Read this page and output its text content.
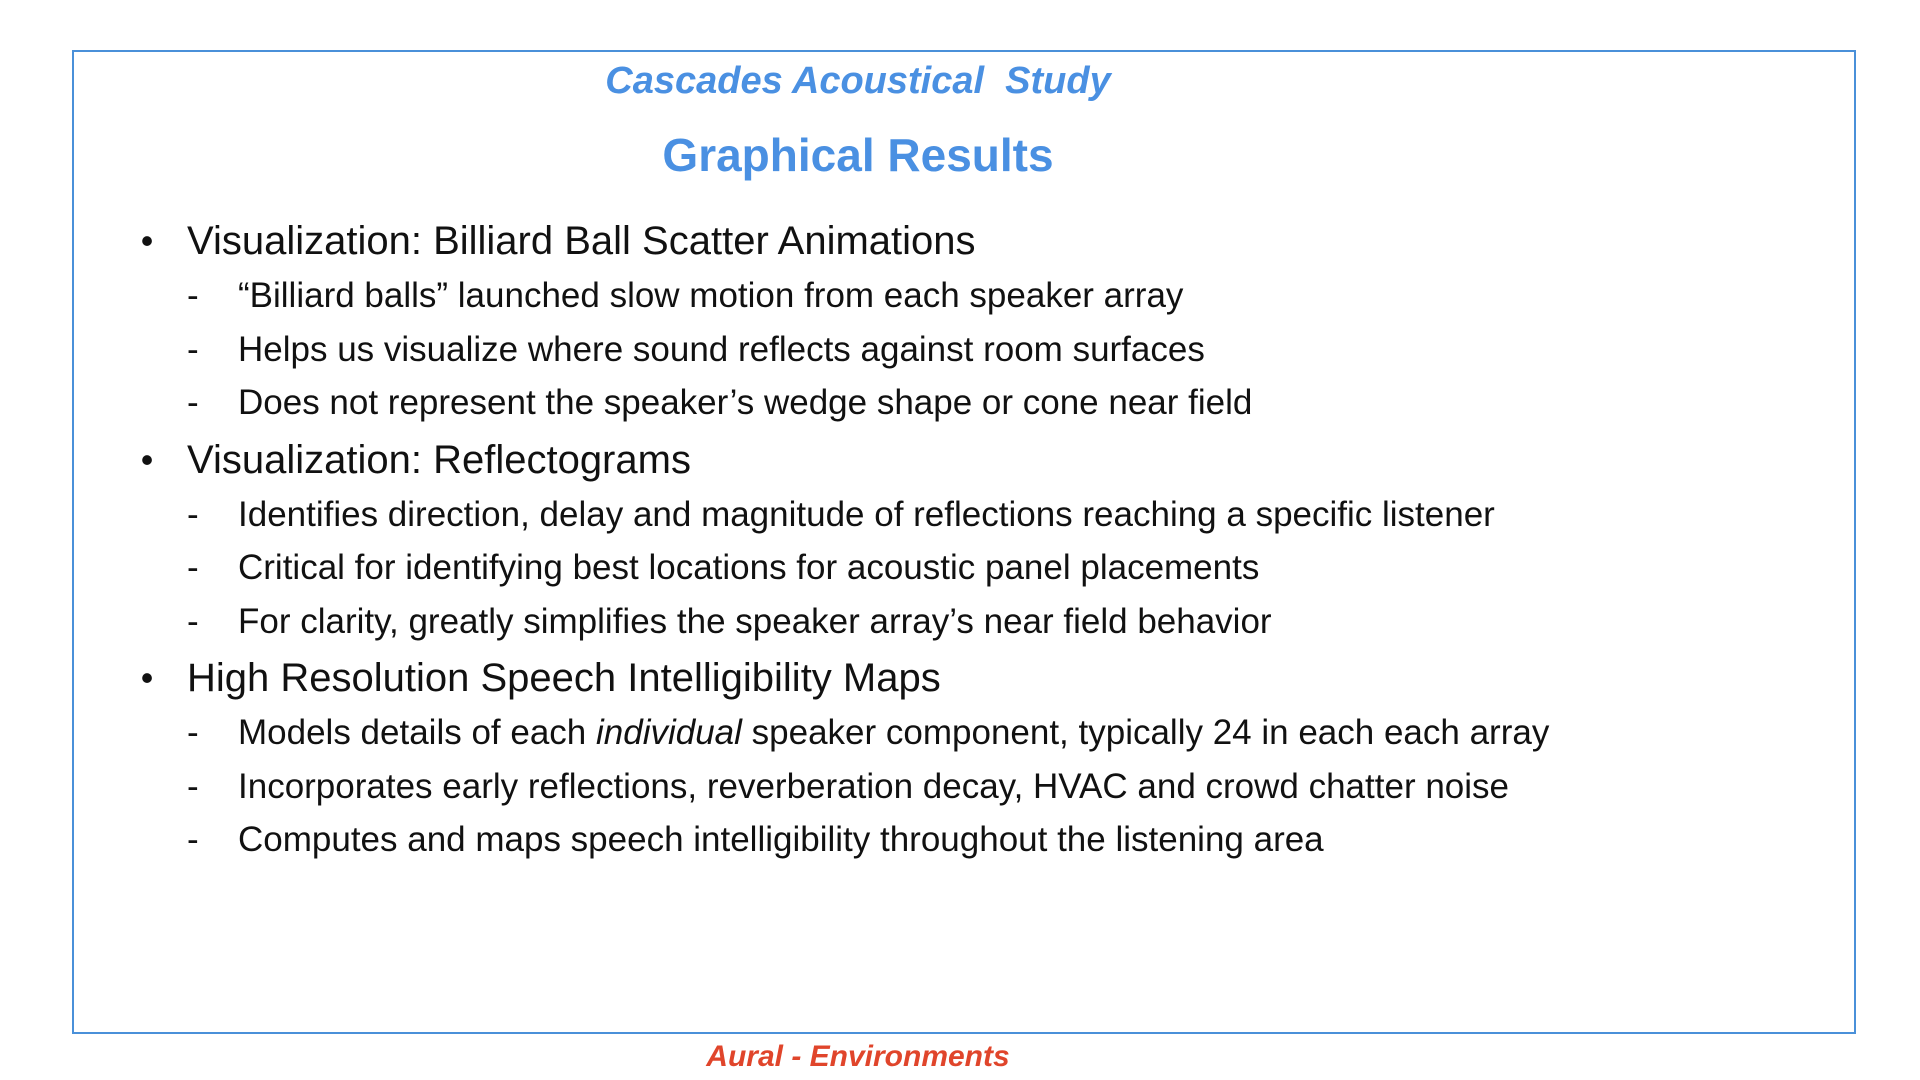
Cascades Acoustical  Study
Graphical Results
• Visualization: Billiard Ball Scatter Animations
- “Billiard balls” launched slow motion from each speaker array
- Helps us visualize where sound reflects against room surfaces
- Does not represent the speaker’s wedge shape or cone near field
• Visualization: Reflectograms
- Identifies direction, delay and magnitude of reflections reaching a specific listener
- Critical for identifying best locations for acoustic panel placements
- For clarity, greatly simplifies the speaker array’s near field behavior
• High Resolution Speech Intelligibility Maps
- Models details of each individual speaker component, typically 24 in each each array
- Incorporates early reflections, reverberation decay, HVAC and crowd chatter noise
- Computes and maps speech intelligibility throughout the listening area
Aural - Environments
